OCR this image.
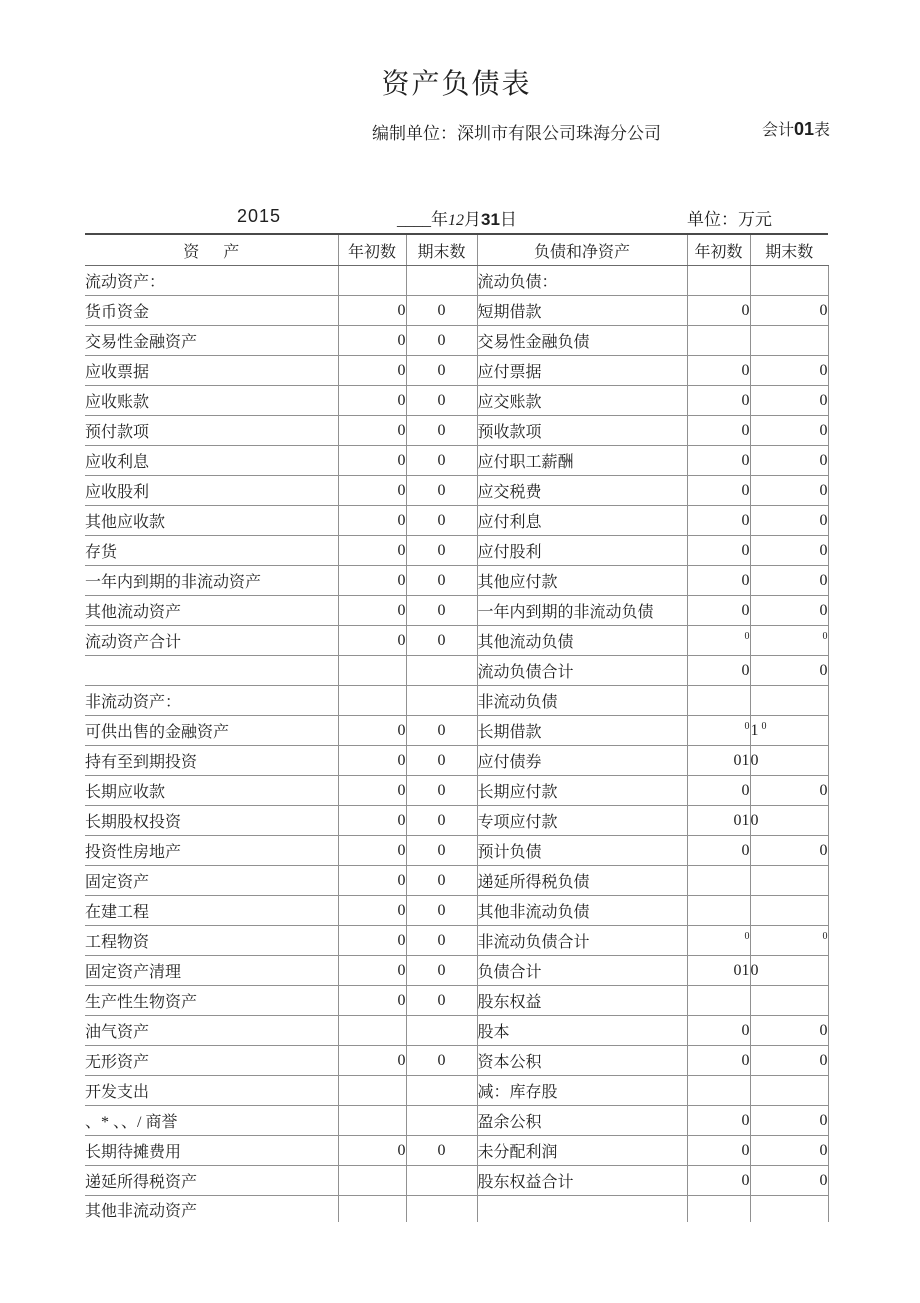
资产负债表
编制单位：深圳市有限公司珠海分公司	会计01表
2015	____年12月31日	单位：万元
资      产	年初数	期末数	负债和净资产	年初数	期末数
流动资产：			流动负债：		
货币资金	0	0	短期借款	0	0
交易性金融资产	0	0	交易性金融负债		
应收票据	0	0	应付票据	0	0
应收账款	0	0	应交账款	0	0
预付款项	0	0	预收款项	0	0
应收利息	0	0	应付职工薪酬	0	0
应收股利	0	0	应交税费	0	0
其他应收款	0	0	应付利息	0	0
存货	0	0	应付股利	0	0
一年内到期的非流动资产	0	0	其他应付款	0	0
其他流动资产	0	0	一年内到期的非流动负债	0	0
流动资产合计	0	0	其他流动负债	$^0$	$^0$
			流动负债合计	0	0
非流动资产：			非流动负债		
可供出售的金融资产	0	0	长期借款	$^0$	1 $^0$
持有至到期投资	0	0	应付债券	01	0
长期应收款	0	0	长期应付款	0	0
长期股权投资	0	0	专项应付款	01	0
投资性房地产	0	0	预计负债	0	0
固定资产	0	0	递延所得税负债		
在建工程	0	0	其他非流动负债		
工程物资	0	0	非流动负债合计	$^0$	$^0$
固定资产清理	0	0	负债合计	01	0
生产性生物资产	0	0	股东权益		
油气资产			股本	0	0
无形资产	0	0	资本公积	0	0
开发支出			减：库存股		
、* 、、/ 商誉			盈余公积	0	0
长期待摊费用	0	0	未分配利润	0	0
递延所得税资产			股东权益合计	0	0
其他非流动资产					
